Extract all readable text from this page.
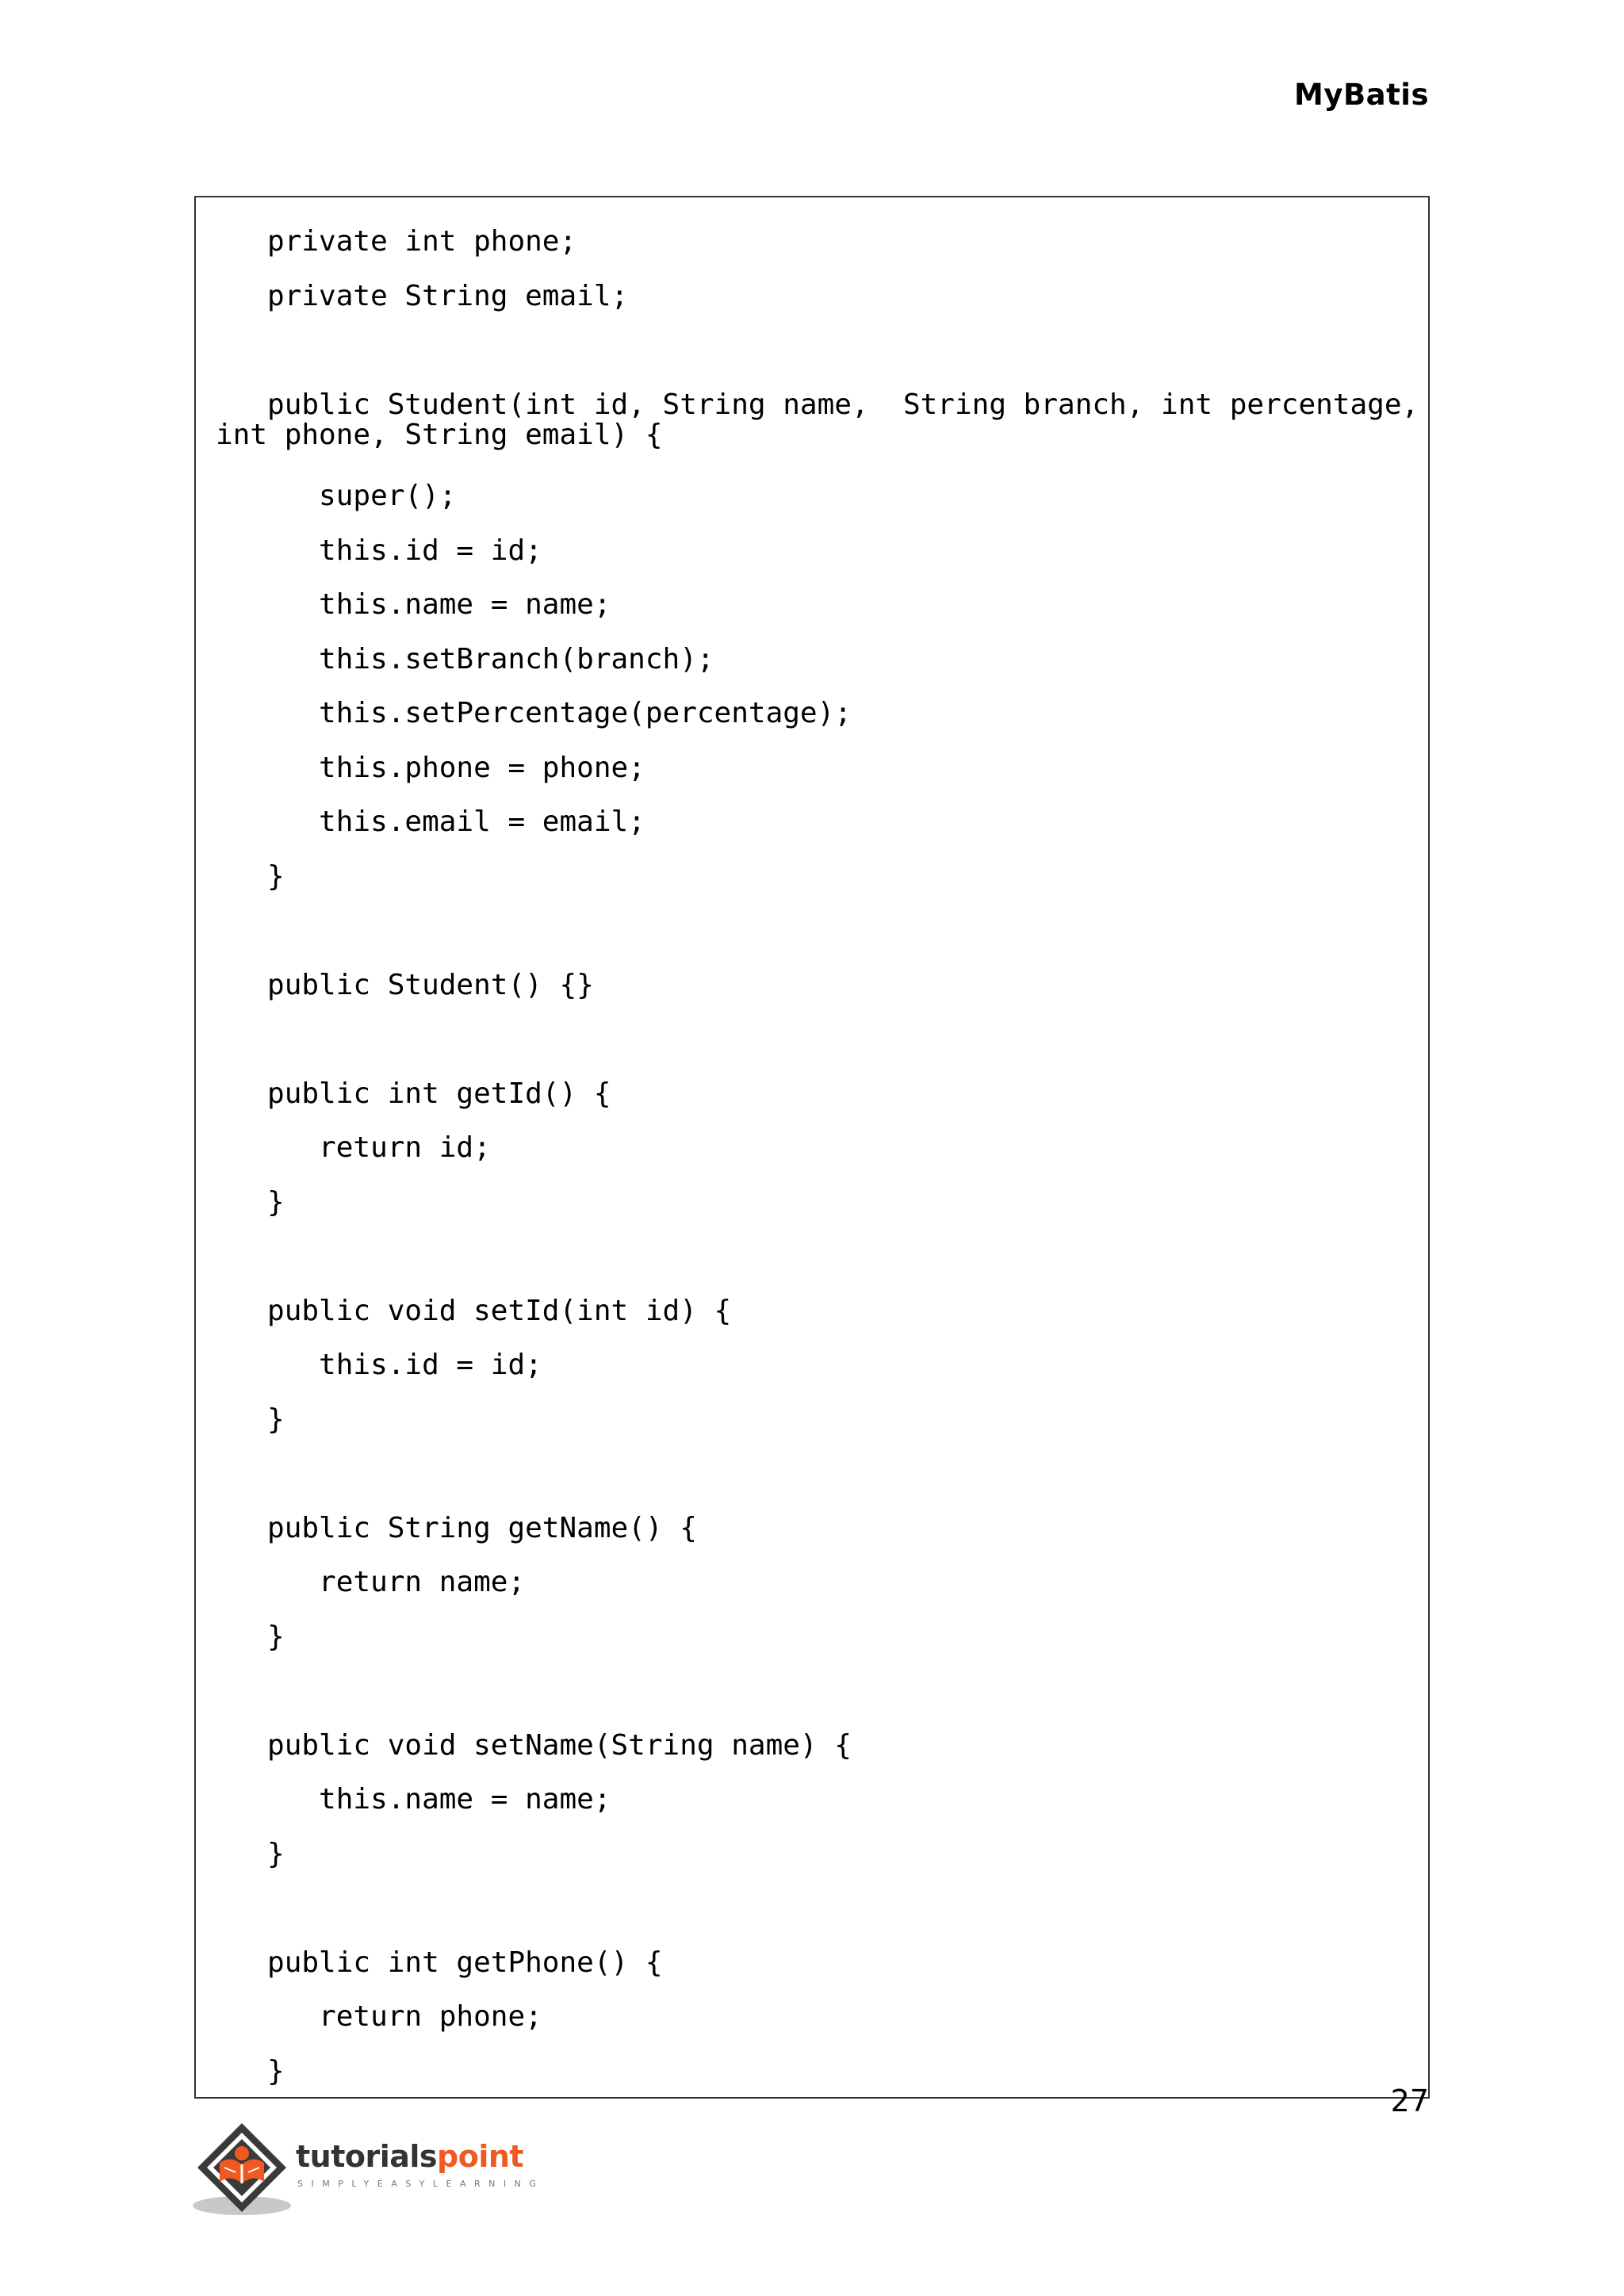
MyBatis
private int phone;
private String email;
public Student(int id, String name,  String branch, int percentage,
int phone, String email) {
super();
this.id = id;
this.name = name;
this.setBranch(branch);
this.setPercentage(percentage);
this.phone = phone;
this.email = email;
}
public Student() {}
public int getId() {
return id;
}
public void setId(int id) {
this.id = id;
}
public String getName() {
return name;
}
public void setName(String name) {
this.name = name;
}
public int getPhone() {
return phone;
}
27
tutorialspoint
SIMPLYEASYLEARNING
